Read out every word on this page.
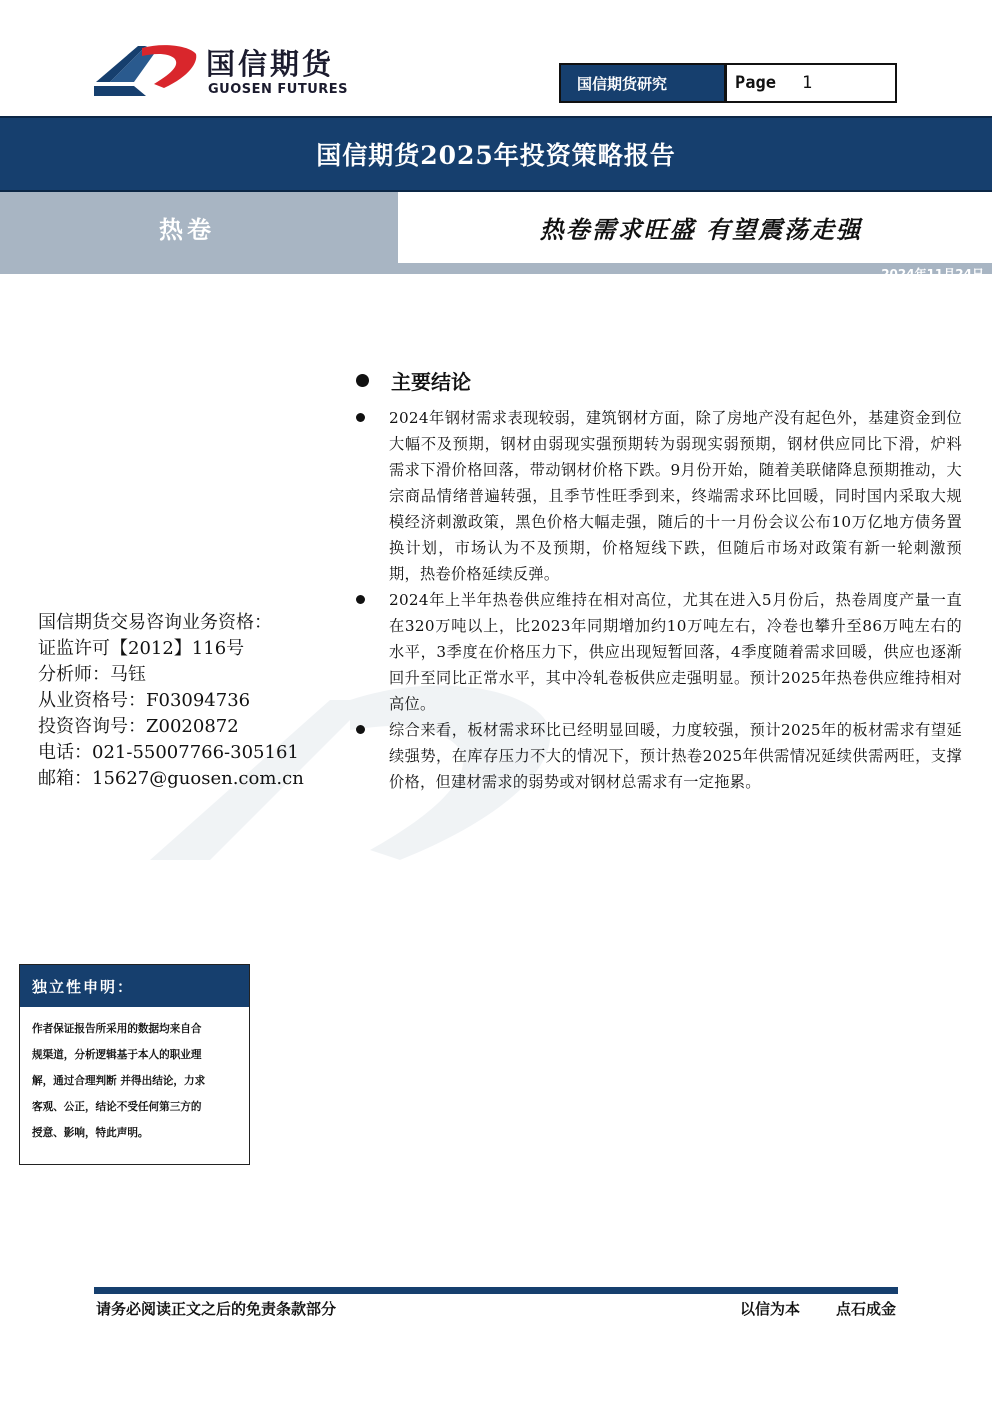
国信期货
GUOSEN FUTURES	国信期货研究	Page 1
国信期货2025年投资策略报告
热卷	热卷需求旺盛 有望震荡走强
2024年11月24日
主要结论

2024年钢材需求表现较弱，建筑钢材方面，除了房地产没有起色外，基建资金到位大幅不及预期，钢材由弱现实强预期转为弱现实弱预期，钢材供应同比下滑，炉料需求下滑价格回落，带动钢材价格下跌。9月份开始，随着美联储降息预期推动，大宗商品情绪普遍转强，且季节性旺季到来，终端需求环比回暖，同时国内采取大规模经济刺激政策，黑色价格大幅走强，随后的十一月份会议公布10万亿地方债务置换计划，市场认为不及预期，价格短线下跌，但随后市场对政策有新一轮刺激预期，热卷价格延续反弹。

2024年上半年热卷供应维持在相对高位，尤其在进入5月份后，热卷周度产量一直在320万吨以上，比2023年同期增加约10万吨左右，冷卷也攀升至86万吨左右的水平，3季度在价格压力下，供应出现短暂回落，4季度随着需求回暖，供应也逐渐回升至同比正常水平，其中冷轧卷板供应走强明显。预计2025年热卷供应维持相对高位。

综合来看，板材需求环比已经明显回暖，力度较强，预计2025年的板材需求有望延续强势，在库存压力不大的情况下，预计热卷2025年供需情况延续供需两旺，支撑价格，但建材需求的弱势或对钢材总需求有一定拖累。

国信期货交易咨询业务资格：
证监许可【2012】116号
分析师：马钰
从业资格号：F03094736
投资咨询号：Z0020872
电话：021-55007766-305161
邮箱：15627@guosen.com.cn
独立性申明：
作者保证报告所采用的数据均来自合
规渠道，分析逻辑基于本人的职业理
解，通过合理判断 并得出结论，力求
客观、公正，结论不受任何第三方的
授意、影响，特此声明。
请务必阅读正文之后的免责条款部分	以信为本 点石成金
